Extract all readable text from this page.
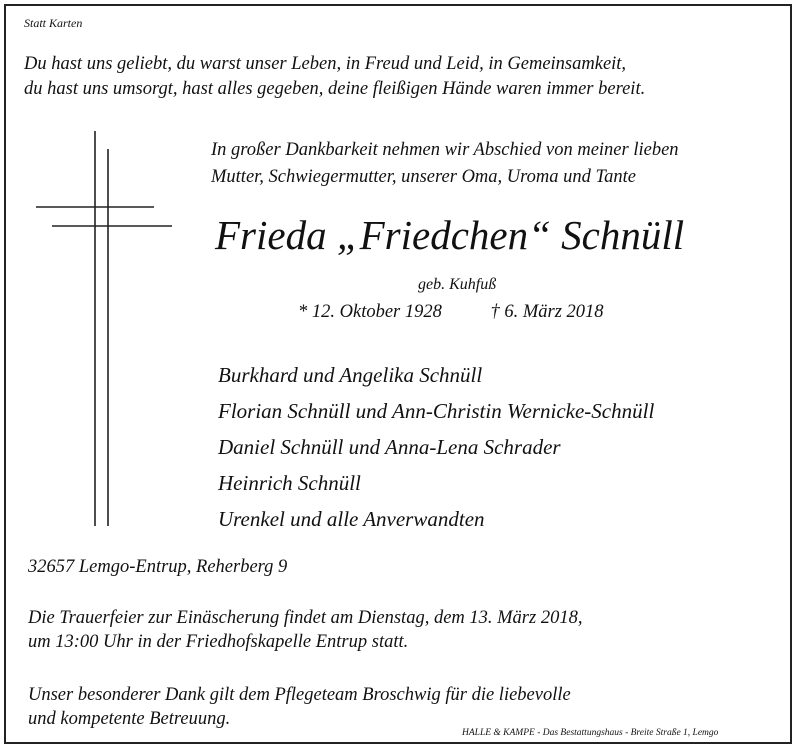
Statt Karten
Du hast uns geliebt, du warst unser Leben, in Freud und Leid, in Gemeinsamkeit,
du hast uns umsorgt, hast alles gegeben, deine fleißigen Hände waren immer bereit.
In großer Dankbarkeit nehmen wir Abschied von meiner lieben
Mutter, Schwiegermutter, unserer Oma, Uroma und Tante
Frieda „Friedchen“ Schnüll
geb. Kuhfuß
* 12. Oktober 1928	† 6. März 2018
Burkhard und Angelika Schnüll
Florian Schnüll und Ann-Christin Wernicke-Schnüll
Daniel Schnüll und Anna-Lena Schrader
Heinrich Schnüll
Urenkel und alle Anverwandten
32657 Lemgo-Entrup, Reherberg 9
Die Trauerfeier zur Einäscherung findet am Dienstag, dem 13. März 2018,
um 13:00 Uhr in der Friedhofskapelle Entrup statt.
Unser besonderer Dank gilt dem Pflegeteam Broschwig für die liebevolle
und kompetente Betreuung.
HALLE & KAMPE - Das Bestattungshaus - Breite Straße 1, Lemgo
